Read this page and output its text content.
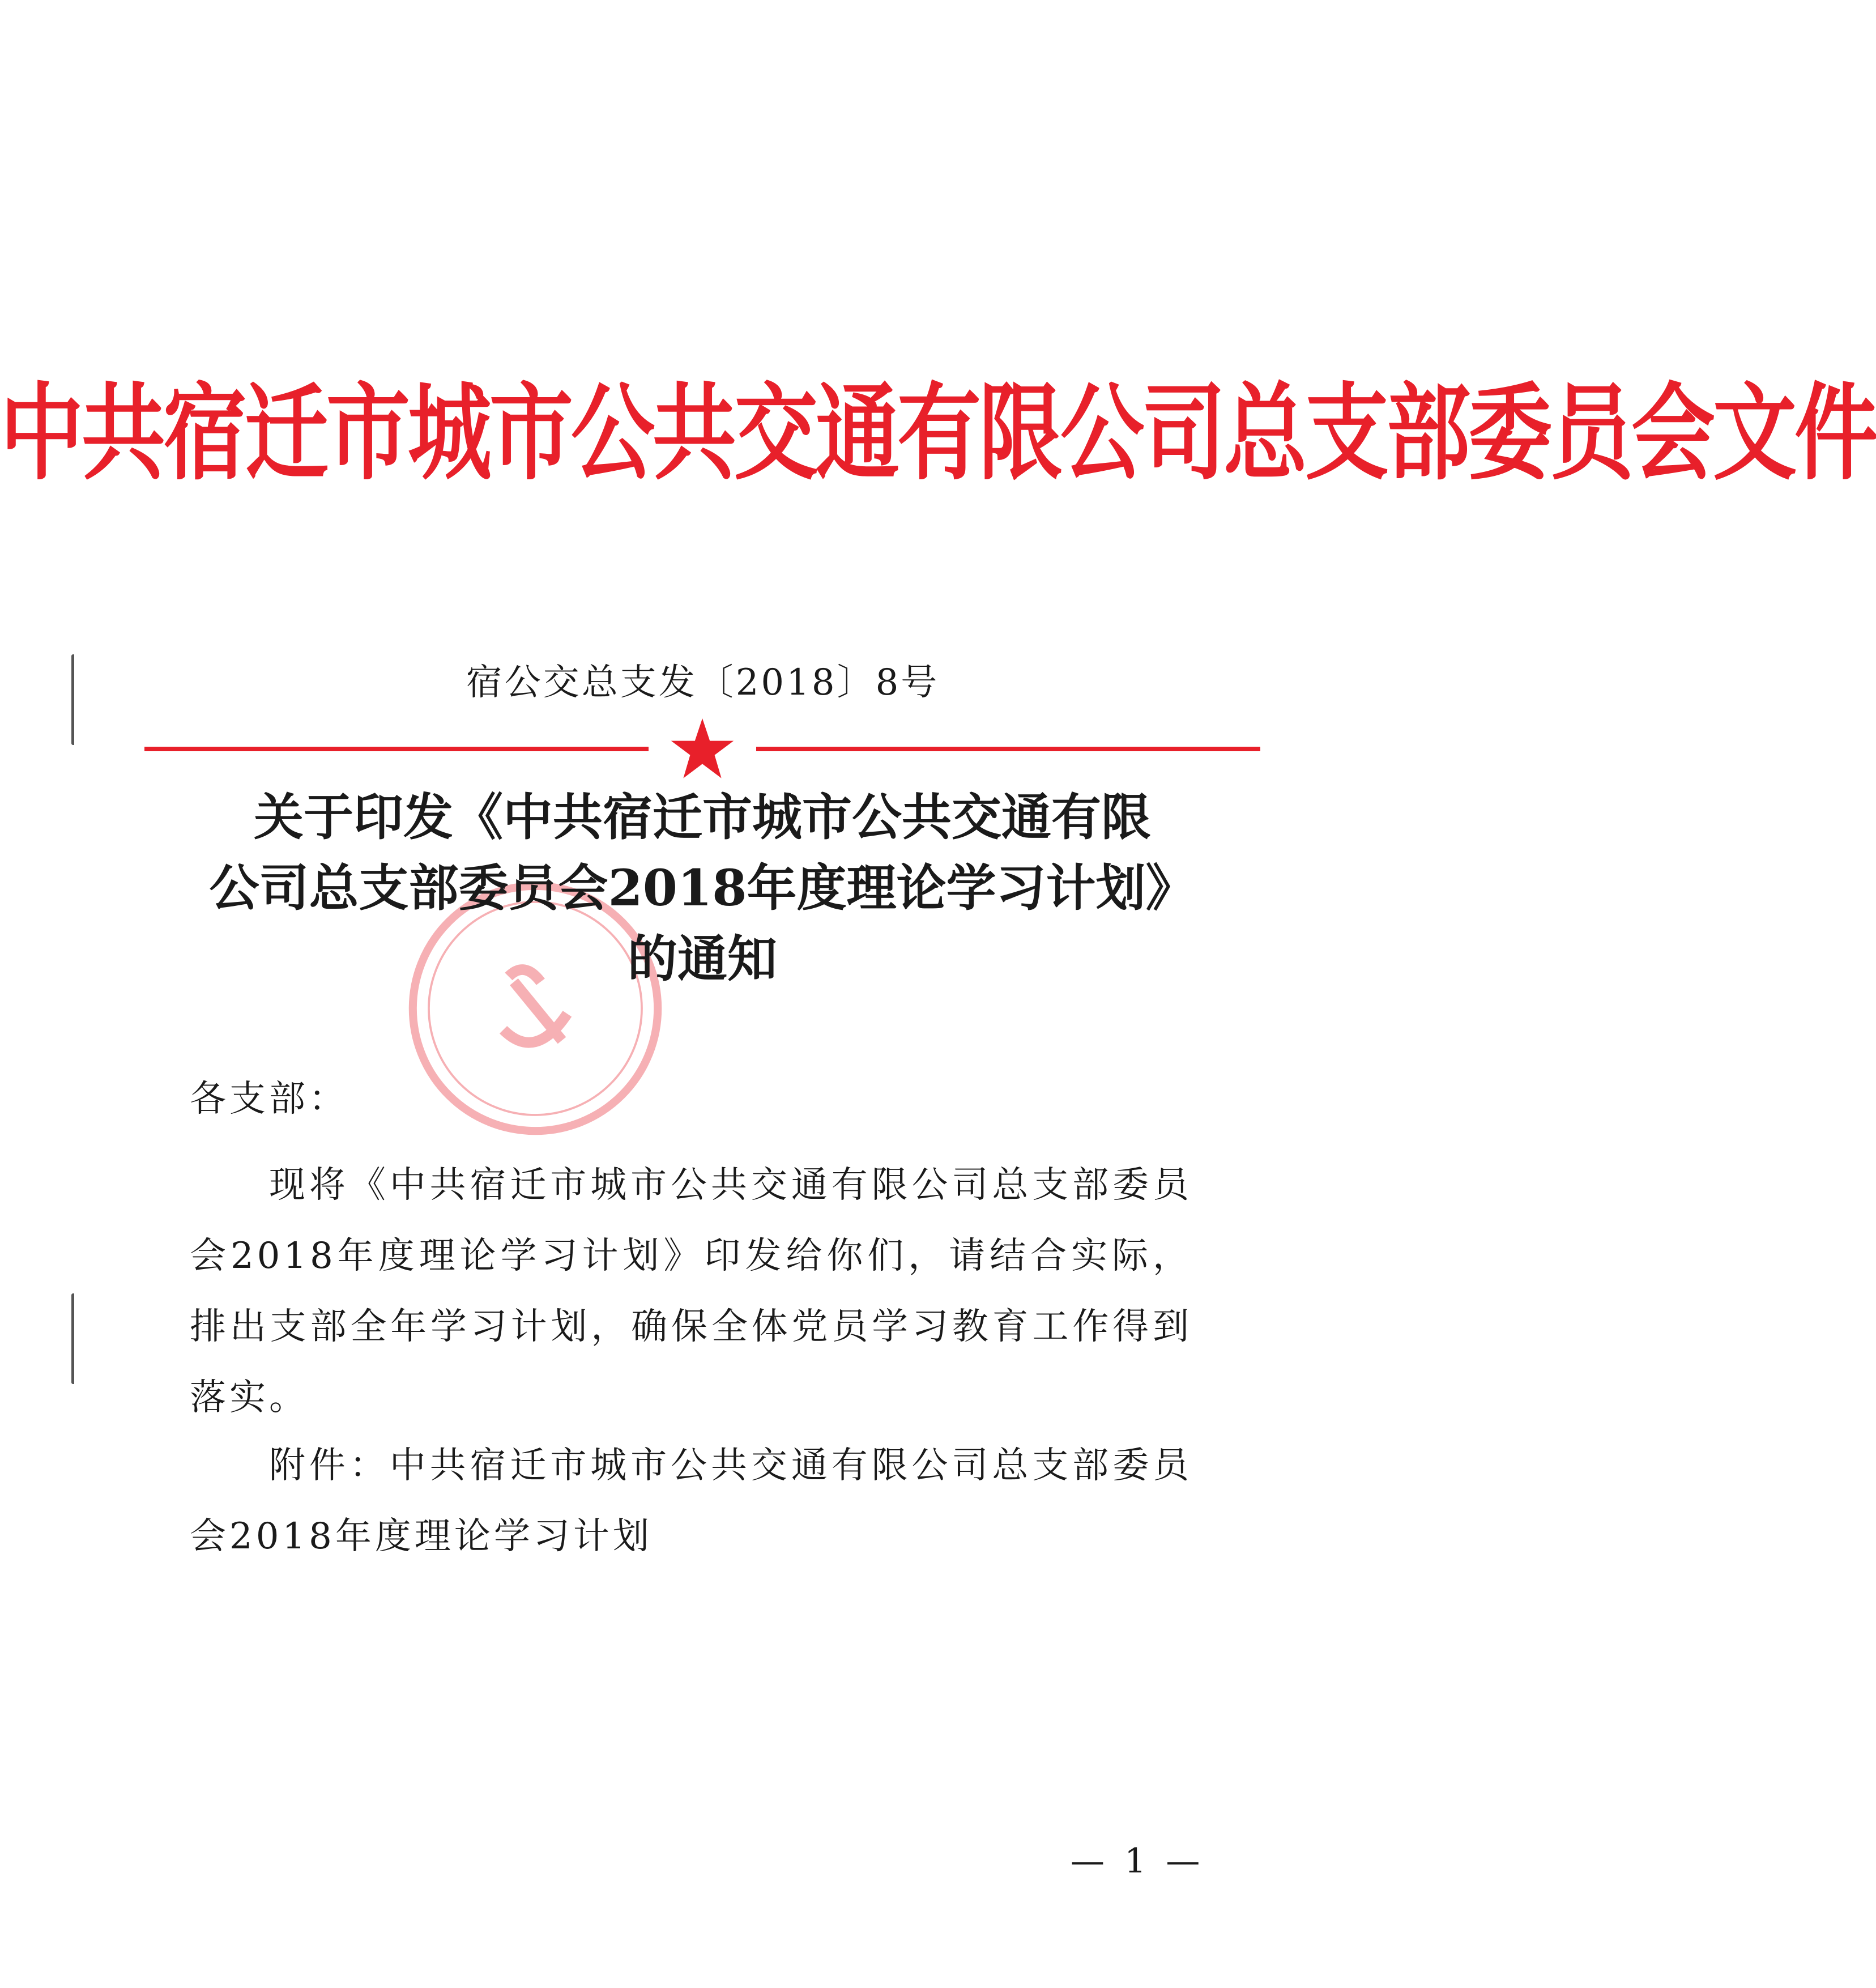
中共宿迁市城市公共交通有限公司总支部委员会文件
宿公交总支发〔2018〕8号
关于印发《中共宿迁市城市公共交通有限
公司总支部委员会2018年度理论学习计划》
的通知
各支部：
现将《中共宿迁市城市公共交通有限公司总支部委员会2018年度理论学习计划》印发给你们，请结合实际，排出支部全年学习计划，确保全体党员学习教育工作得到落实。
附件：中共宿迁市城市公共交通有限公司总支部委员会2018年度理论学习计划
— 1 —
